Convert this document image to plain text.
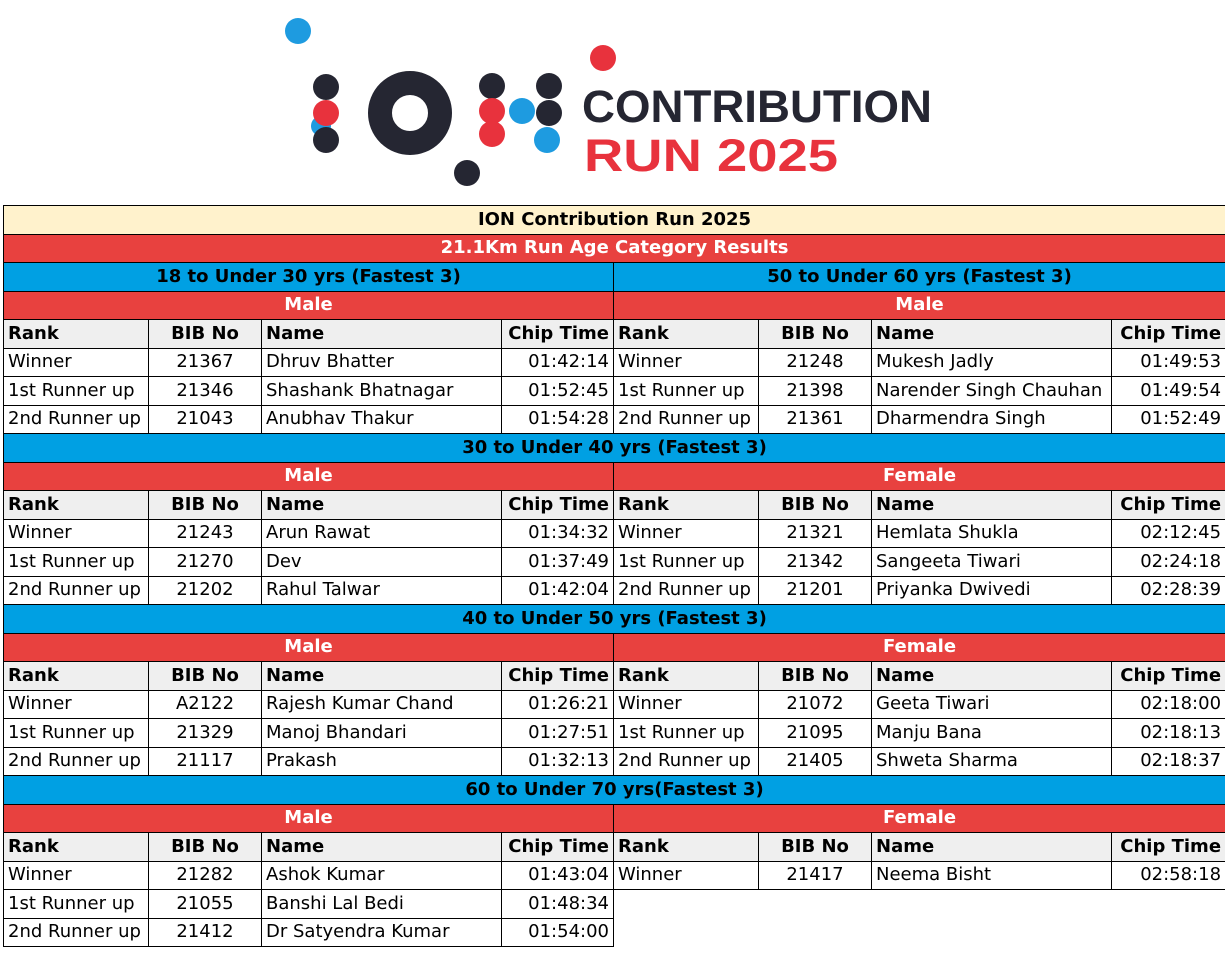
CONTRIBUTION
RUN 2025
ION
ION Contribution Run 2025							
21.1Km Run Age Category Results							
18 to Under 30 yrs (Fastest 3)				50 to Under 60 yrs (Fastest 3)			
Male				Male			
Rank	BIB No	Name	Chip Time	Rank	BIB No	Name	Chip Time
Winner	21367	Dhruv Bhatter	01:42:14	Winner	21248	Mukesh Jadly	01:49:53
1st Runner up	21346	Shashank Bhatnagar	01:52:45	1st Runner up	21398	Narender Singh Chauhan	01:49:54
2nd Runner up	21043	Anubhav Thakur	01:54:28	2nd Runner up	21361	Dharmendra Singh	01:52:49
30 to Under 40 yrs (Fastest 3)							
Male				Female			
Rank	BIB No	Name	Chip Time	Rank	BIB No	Name	Chip Time
Winner	21243	Arun Rawat	01:34:32	Winner	21321	Hemlata Shukla	02:12:45
1st Runner up	21270	Dev	01:37:49	1st Runner up	21342	Sangeeta Tiwari	02:24:18
2nd Runner up	21202	Rahul Talwar	01:42:04	2nd Runner up	21201	Priyanka Dwivedi	02:28:39
40 to Under 50 yrs (Fastest 3)							
Male				Female			
Rank	BIB No	Name	Chip Time	Rank	BIB No	Name	Chip Time
Winner	A2122	Rajesh Kumar Chand	01:26:21	Winner	21072	Geeta Tiwari	02:18:00
1st Runner up	21329	Manoj Bhandari	01:27:51	1st Runner up	21095	Manju Bana	02:18:13
2nd Runner up	21117	Prakash	01:32:13	2nd Runner up	21405	Shweta Sharma	02:18:37
60 to Under 70 yrs(Fastest 3)							
Male				Female			
Rank	BIB No	Name	Chip Time	Rank	BIB No	Name	Chip Time
Winner	21282	Ashok Kumar	01:43:04	Winner	21417	Neema Bisht	02:58:18
1st Runner up	21055	Banshi Lal Bedi	01:48:34				
2nd Runner up	21412	Dr Satyendra Kumar	01:54:00				
